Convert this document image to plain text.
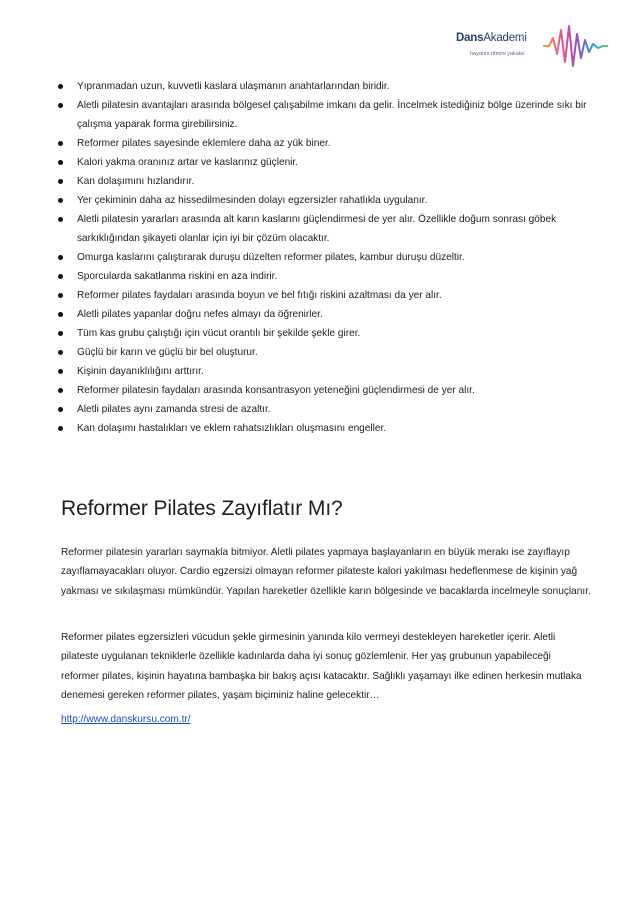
DansAkademi
hayatını ritmini yakala!
Yıpranmadan uzun, kuvvetli kaslara ulaşmanın anahtarlarından biridir.
Aletli pilatesin avantajları arasında bölgesel çalışabilme imkanı da gelir. İncelmek istediğiniz bölge üzerinde sıkı bir çalışma yaparak forma girebilirsiniz.
Reformer pilates sayesinde eklemlere daha az yük biner.
Kalori yakma oranınız artar ve kaslarınız güçlenir.
Kan dolaşımını hızlandırır.
Yer çekiminin daha az hissedilmesinden dolayı egzersizler rahatlıkla uygulanır.
Aletli pilatesin yararları arasında alt karın kaslarını güçlendirmesi de yer alır. Özellikle doğum sonrası göbek sarkıklığından şikayeti olanlar için iyi bir çözüm olacaktır.
Omurga kaslarını çalıştırarak duruşu düzelten reformer pilates, kambur duruşu düzeltir.
Sporcularda sakatlanma riskini en aza indirir.
Reformer pilates faydaları arasında boyun ve bel fıtığı riskini azaltması da yer alır.
Aletli pilates yapanlar doğru nefes almayı da öğrenirler.
Tüm kas grubu çalıştığı için vücut orantılı bir şekilde şekle girer.
Güçlü bir karın ve güçlü bir bel oluşturur.
Kişinin dayanıklılığını arttırır.
Reformer pilatesin faydaları arasında konsantrasyon yeteneğini güçlendirmesi de yer alır.
Aletli pilates aynı zamanda stresi de azaltır.
Kan dolaşımı hastalıkları ve eklem rahatsızlıkları oluşmasını engeller.
Reformer Pilates Zayıflatır Mı?

Reformer pilatesin yararları saymakla bitmiyor. Aletli pilates yapmaya başlayanların en büyük merakı ise zayıflayıp zayıflamayacakları oluyor. Cardio egzersizi olmayan reformer pilateste kalori yakılması hedeflenmese de kişinin yağ yakması ve sıkılaşması mümkündür. Yapılan hareketler özellikle karın bölgesinde ve bacaklarda incelmeyle sonuçlanır.

Reformer pilates egzersizleri vücudun şekle girmesinin yanında kilo vermeyi destekleyen hareketler içerir. Aletli pilateste uygulanan tekniklerle özellikle kadınlarda daha iyi sonuç gözlemlenir. Her yaş grubunun yapabileceği reformer pilates, kişinin hayatına bambaşka bir bakış açısı katacaktır. Sağlıklı yaşamayı ilke edinen herkesin mutlaka denemesi gereken reformer pilates, yaşam biçiminiz haline gelecektir…

http://www.danskursu.com.tr/
